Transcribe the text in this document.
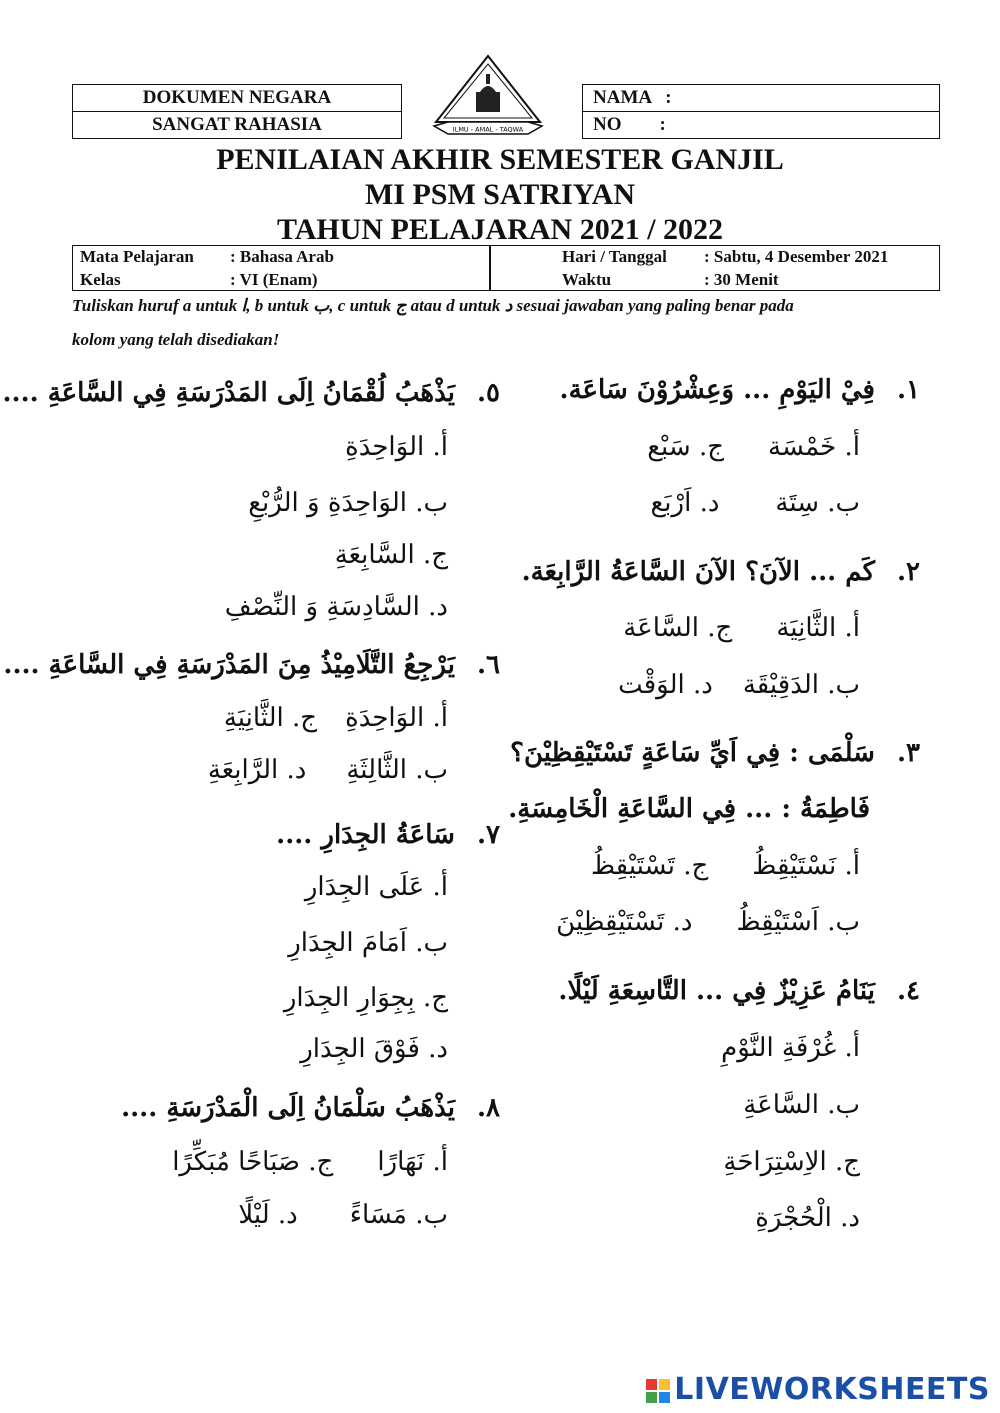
DOKUMEN NEGARA
SANGAT RAHASIA
NAMA   :
NO        :
ILMU - AMAL - TAQWA
PENILAIAN AKHIR SEMESTER GANJIL
MI PSM SATRIYAN
TAHUN PELAJARAN 2021 / 2022
Mata Pelajaran : Bahasa Arab
Kelas	: VI (Enam)
Hari / Tanggal : Sabtu, 4 Desember 2021
Waktu	: 30 Menit
Tuliskan huruf a untuk ا, b untuk ب, c untuk ج atau d untuk د sesuai jawaban yang paling benar pada
kolom yang telah disediakan!
١.فِيْ اليَوْمِ ... وَعِشْرُوْنَ سَاعَة.
أ. خَمْسَةج. سَبْع
ب. سِتَةد. اَرْبَع
٢.كَم ... الآنَ؟ الآنَ السَّاعَةُ الرَّابِعَة.
أ. الثَّانِيَةج. السَّاعَة
ب. الدَقِيْقَةد. الوَقْت
٣.سَلْمَى : فِي اَيِّ سَاعَةٍ تَسْتَيْقِظِيْنَ؟
فَاطِمَةُ : ... فِي السَّاعَةِ الْخَامِسَةِ.
أ. نَسْتَيْقِظُج. تَسْتَيْقِظُ
ب. اَسْتَيْقِظُد. تَسْتَيْقِظِيْنَ
٤.يَنَامُ عَزِيْزٌ فِي ... التَّاسِعَةِ لَيْلًا.
أ. غُرْفَةِ النَّوْمِ
ب. السَّاعَةِ
ج. الاِسْتِرَاحَةِ
د. الْحُجْرَةِ
٥.يَذْهَبُ لُقْمَانُ اِلَى المَدْرَسَةِ فِي السَّاعَةِ ....
أ. الوَاحِدَةِ
ب. الوَاحِدَةِ وَ الرُّبْعِ
ج. السَّابِعَةِ
د. السَّادِسَةِ وَ النِّصْفِ
٦.يَرْجِعُ التَّلَامِيْذُ مِنَ المَدْرَسَةِ فِي السَّاعَةِ ....
أ. الوَاحِدَةِج. الثَّانِيَةِ
ب. الثَّالِثَةِد. الرَّابِعَةِ
٧.سَاعَةُ الجِدَارِ ....
أ. عَلَى الجِدَارِ
ب. اَمَامَ الجِدَارِ
ج. بِجِوَارِ الجِدَارِ
د. فَوْقَ الجِدَارِ
٨.يَذْهَبُ سَلْمَانُ اِلَى الْمَدْرَسَةِ ....
أ. نَهَارًاج. صَبَاحًا مُبَكِّرًا
ب. مَسَاءًد. لَيْلًا
LIVEWORKSHEETS
